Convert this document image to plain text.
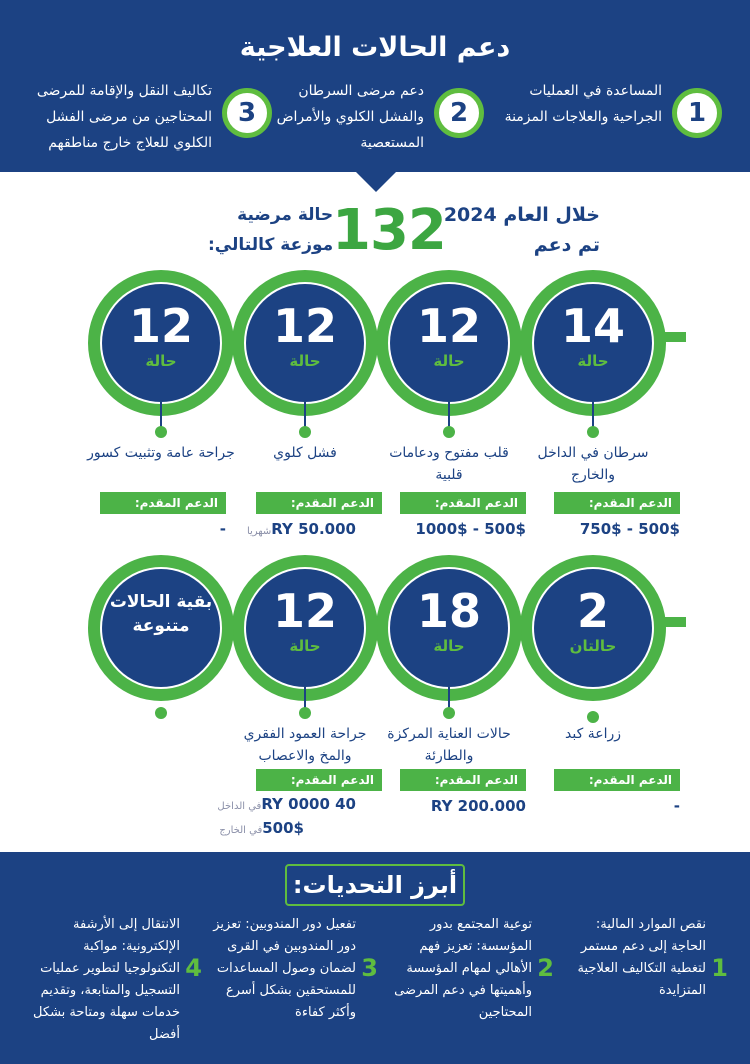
دعم الحالات العلاجية
1
المساعدة في العمليات الجراحية والعلاجات المزمنة
2
دعم مرضى السرطان والفشل الكلوي والأمراض المستعصية
3
تكاليف النقل والإقامة للمرضى المحتاجين من مرضى الفشل الكلوي للعلاج خارج مناطقهم
خلال العام 2024
تم دعم
132
حالة مرضية
موزعة كالتالي:
14
حالة
سرطان في الداخل والخارج
الدعم المقدم:
500$ - 750$
12
حالة
قلب مفتوح ودعامات قلبية
الدعم المقدم:
500$ - 1000$
12
حالة
فشل كلوي
الدعم المقدم:
50.000 RYشهريا
12
حالة
جراحة عامة وتثبيت كسور
الدعم المقدم:
-
2
حالتان
زراعة كبد
الدعم المقدم:
-
18
حالة
حالات العناية المركزة والطارئة
الدعم المقدم:
200.000 RY
12
حالة
جراحة العمود الفقري والمخ والاعصاب
الدعم المقدم:
40 0000 RYفي الداخل
500$في الخارج
بقية الحالات متنوعة
أبرز التحديات:
1
نقص الموارد المالية: الحاجة إلى دعم مستمر لتغطية التكاليف العلاجية المتزايدة
2
توعية المجتمع بدور المؤسسة: تعزيز فهم الأهالي لمهام المؤسسة وأهميتها في دعم المرضى المحتاجين
3
تفعيل دور المندوبين: تعزيز دور المندوبين في القرى لضمان وصول المساعدات للمستحقين بشكل أسرع وأكثر كفاءة
4
الانتقال إلى الأرشفة الإلكترونية: مواكبة التكنولوجيا لتطوير عمليات التسجيل والمتابعة، وتقديم خدمات سهلة ومتاحة بشكل أفضل
